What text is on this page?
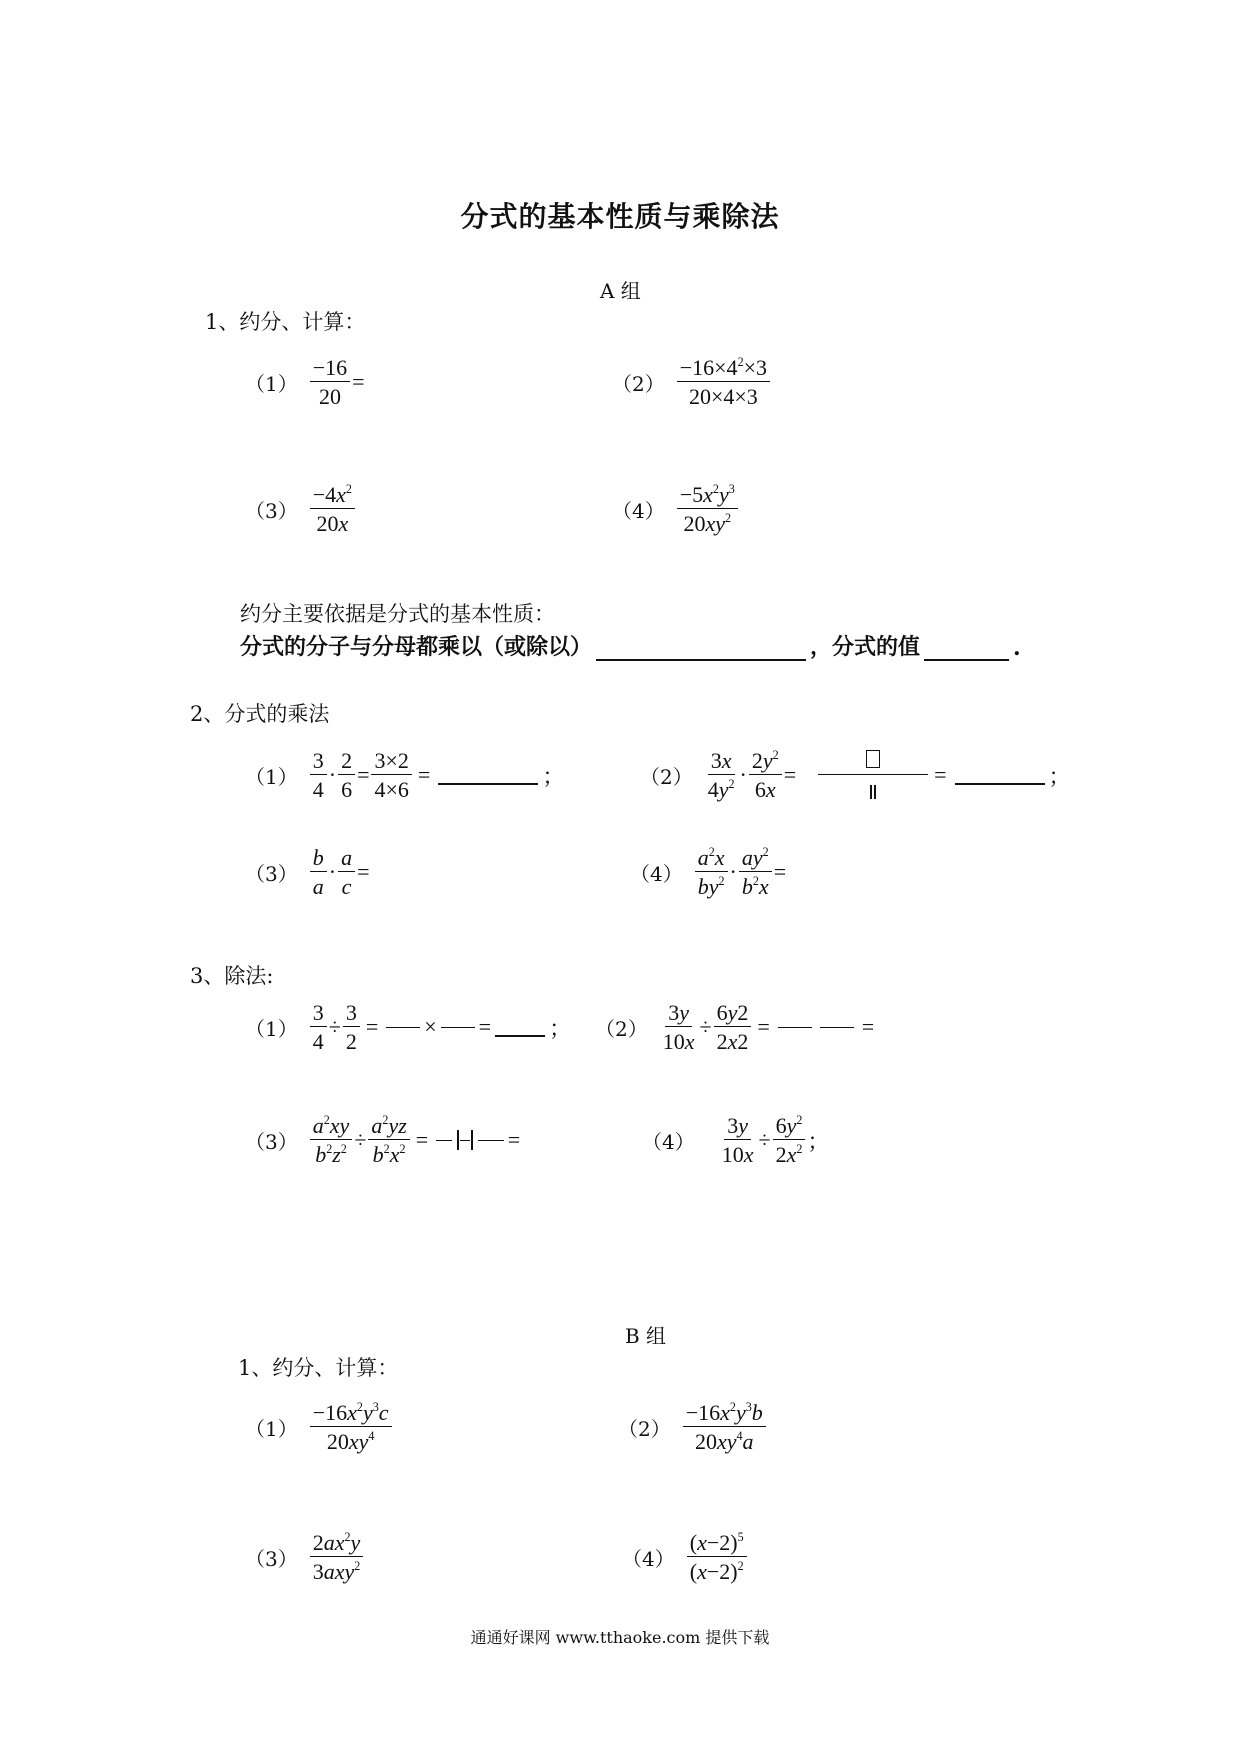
分式的基本性质与乘除法
A 组
1、约分、计算：
$(1) \frac{-16}{20}$ =	$(2) \frac{-16\times 4^2\times 3}{20\times 4\times 3}$
$(3) \frac{-4x^2}{20x}$	$(4) \frac{-5x^2y^3}{20xy^2}$
约分主要依据是分式的基本性质：
分式的分子与分母都乘以（或除以）	，分式的值	.
2、分式的乘法
$(1) \frac{3}{4} \cdot \frac{2}{6} = \frac{3\times 2}{4\times 6}$ =	；	$(2) \frac{3x}{4y^2} \cdot \frac{2y^2}{6x}$ =	=	；
$(3) \frac{b}{a} \cdot \frac{a}{c}$ =	$(4) \frac{a^2x}{by^2} \cdot \frac{ay^2}{b^2x}$ =
3、除法:
$(1) \frac{3}{4} \div \frac{3}{2}$ = × =	； $(2) \frac{3y}{10x} \div \frac{6y2}{2x2}$ =	=
$(3) \frac{a^2xy}{b^2z^2} \div \frac{a^2yz}{b^2x^2}$ =	=	$(4) \frac{3y}{10x} \div \frac{6y^2}{2x^2}$ ；
B 组
1、约分、计算：
$(1) \frac{-16x^2y^3c}{20xy^4}$	$(2) \frac{-16x^2y^3b}{20xy^4a}$
$(3) \frac{2ax^2y}{3axy^2}$	$(4) \frac{(x-2)^5}{(x-2)^2}$
通通好课网 www.tthaoke.com 提供下载
